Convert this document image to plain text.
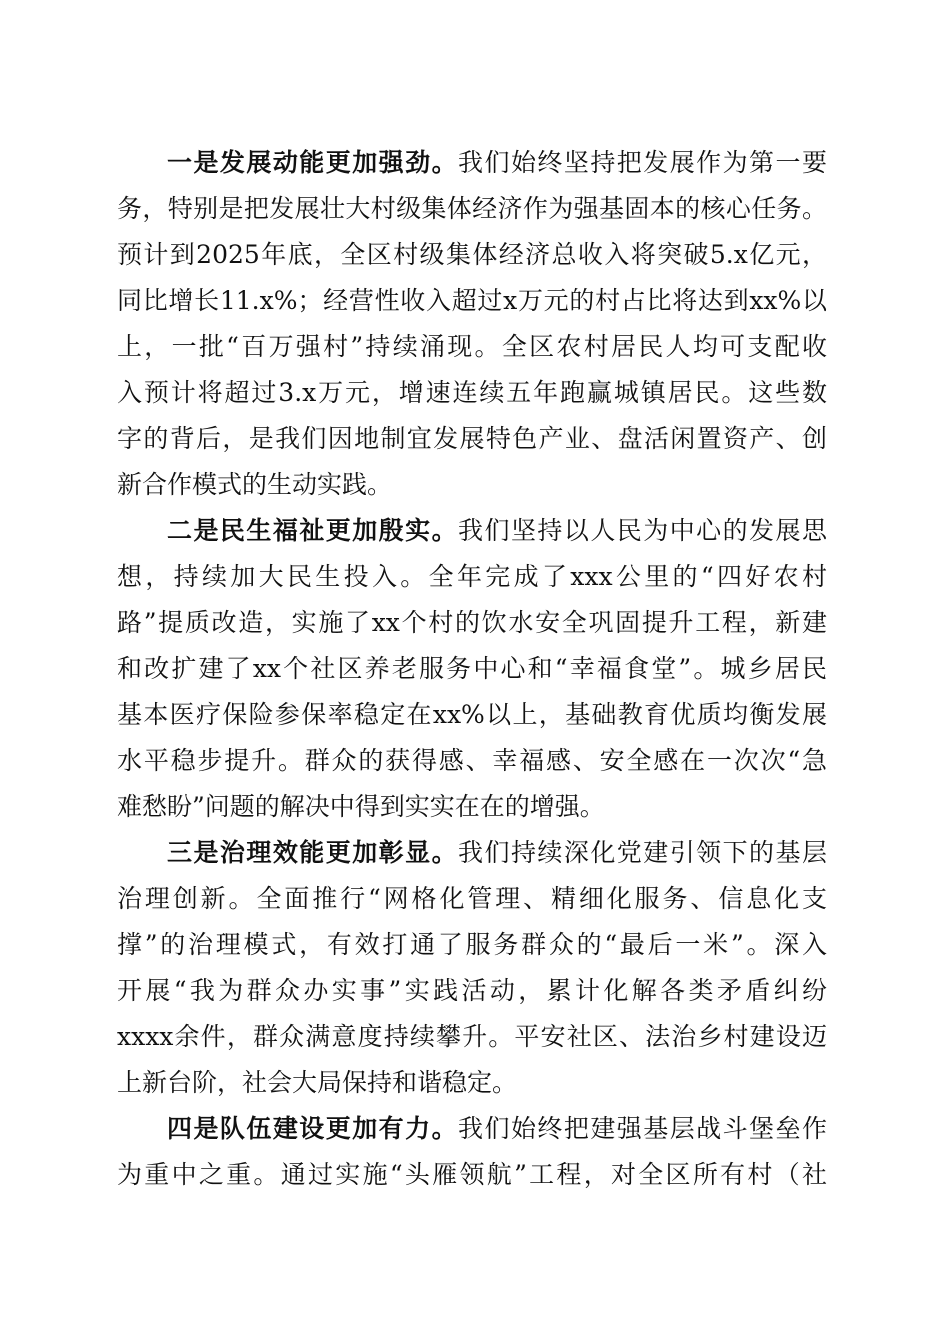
一是发展动能更加强劲。我们始终坚持把发展作为第一要
务，特别是把发展壮大村级集体经济作为强基固本的核心任务。
预计到2025年底，全区村级集体经济总收入将突破5.x亿元，
同比增长11.x%；经营性收入超过x万元的村占比将达到xx%以
上，一批“百万强村”持续涌现。全区农村居民人均可支配收
入预计将超过3.x万元，增速连续五年跑赢城镇居民。这些数
字的背后，是我们因地制宜发展特色产业、盘活闲置资产、创
新合作模式的生动实践。
二是民生福祉更加殷实。我们坚持以人民为中心的发展思
想，持续加大民生投入。全年完成了xxx公里的“四好农村
路”提质改造，实施了xx个村的饮水安全巩固提升工程，新建
和改扩建了xx个社区养老服务中心和“幸福食堂”。城乡居民
基本医疗保险参保率稳定在xx%以上，基础教育优质均衡发展
水平稳步提升。群众的获得感、幸福感、安全感在一次次“急
难愁盼”问题的解决中得到实实在在的增强。
三是治理效能更加彰显。我们持续深化党建引领下的基层
治理创新。全面推行“网格化管理、精细化服务、信息化支
撑”的治理模式，有效打通了服务群众的“最后一米”。深入
开展“我为群众办实事”实践活动，累计化解各类矛盾纠纷
xxxx余件，群众满意度持续攀升。平安社区、法治乡村建设迈
上新台阶，社会大局保持和谐稳定。
四是队伍建设更加有力。我们始终把建强基层战斗堡垒作
为重中之重。通过实施“头雁领航”工程，对全区所有村（社
